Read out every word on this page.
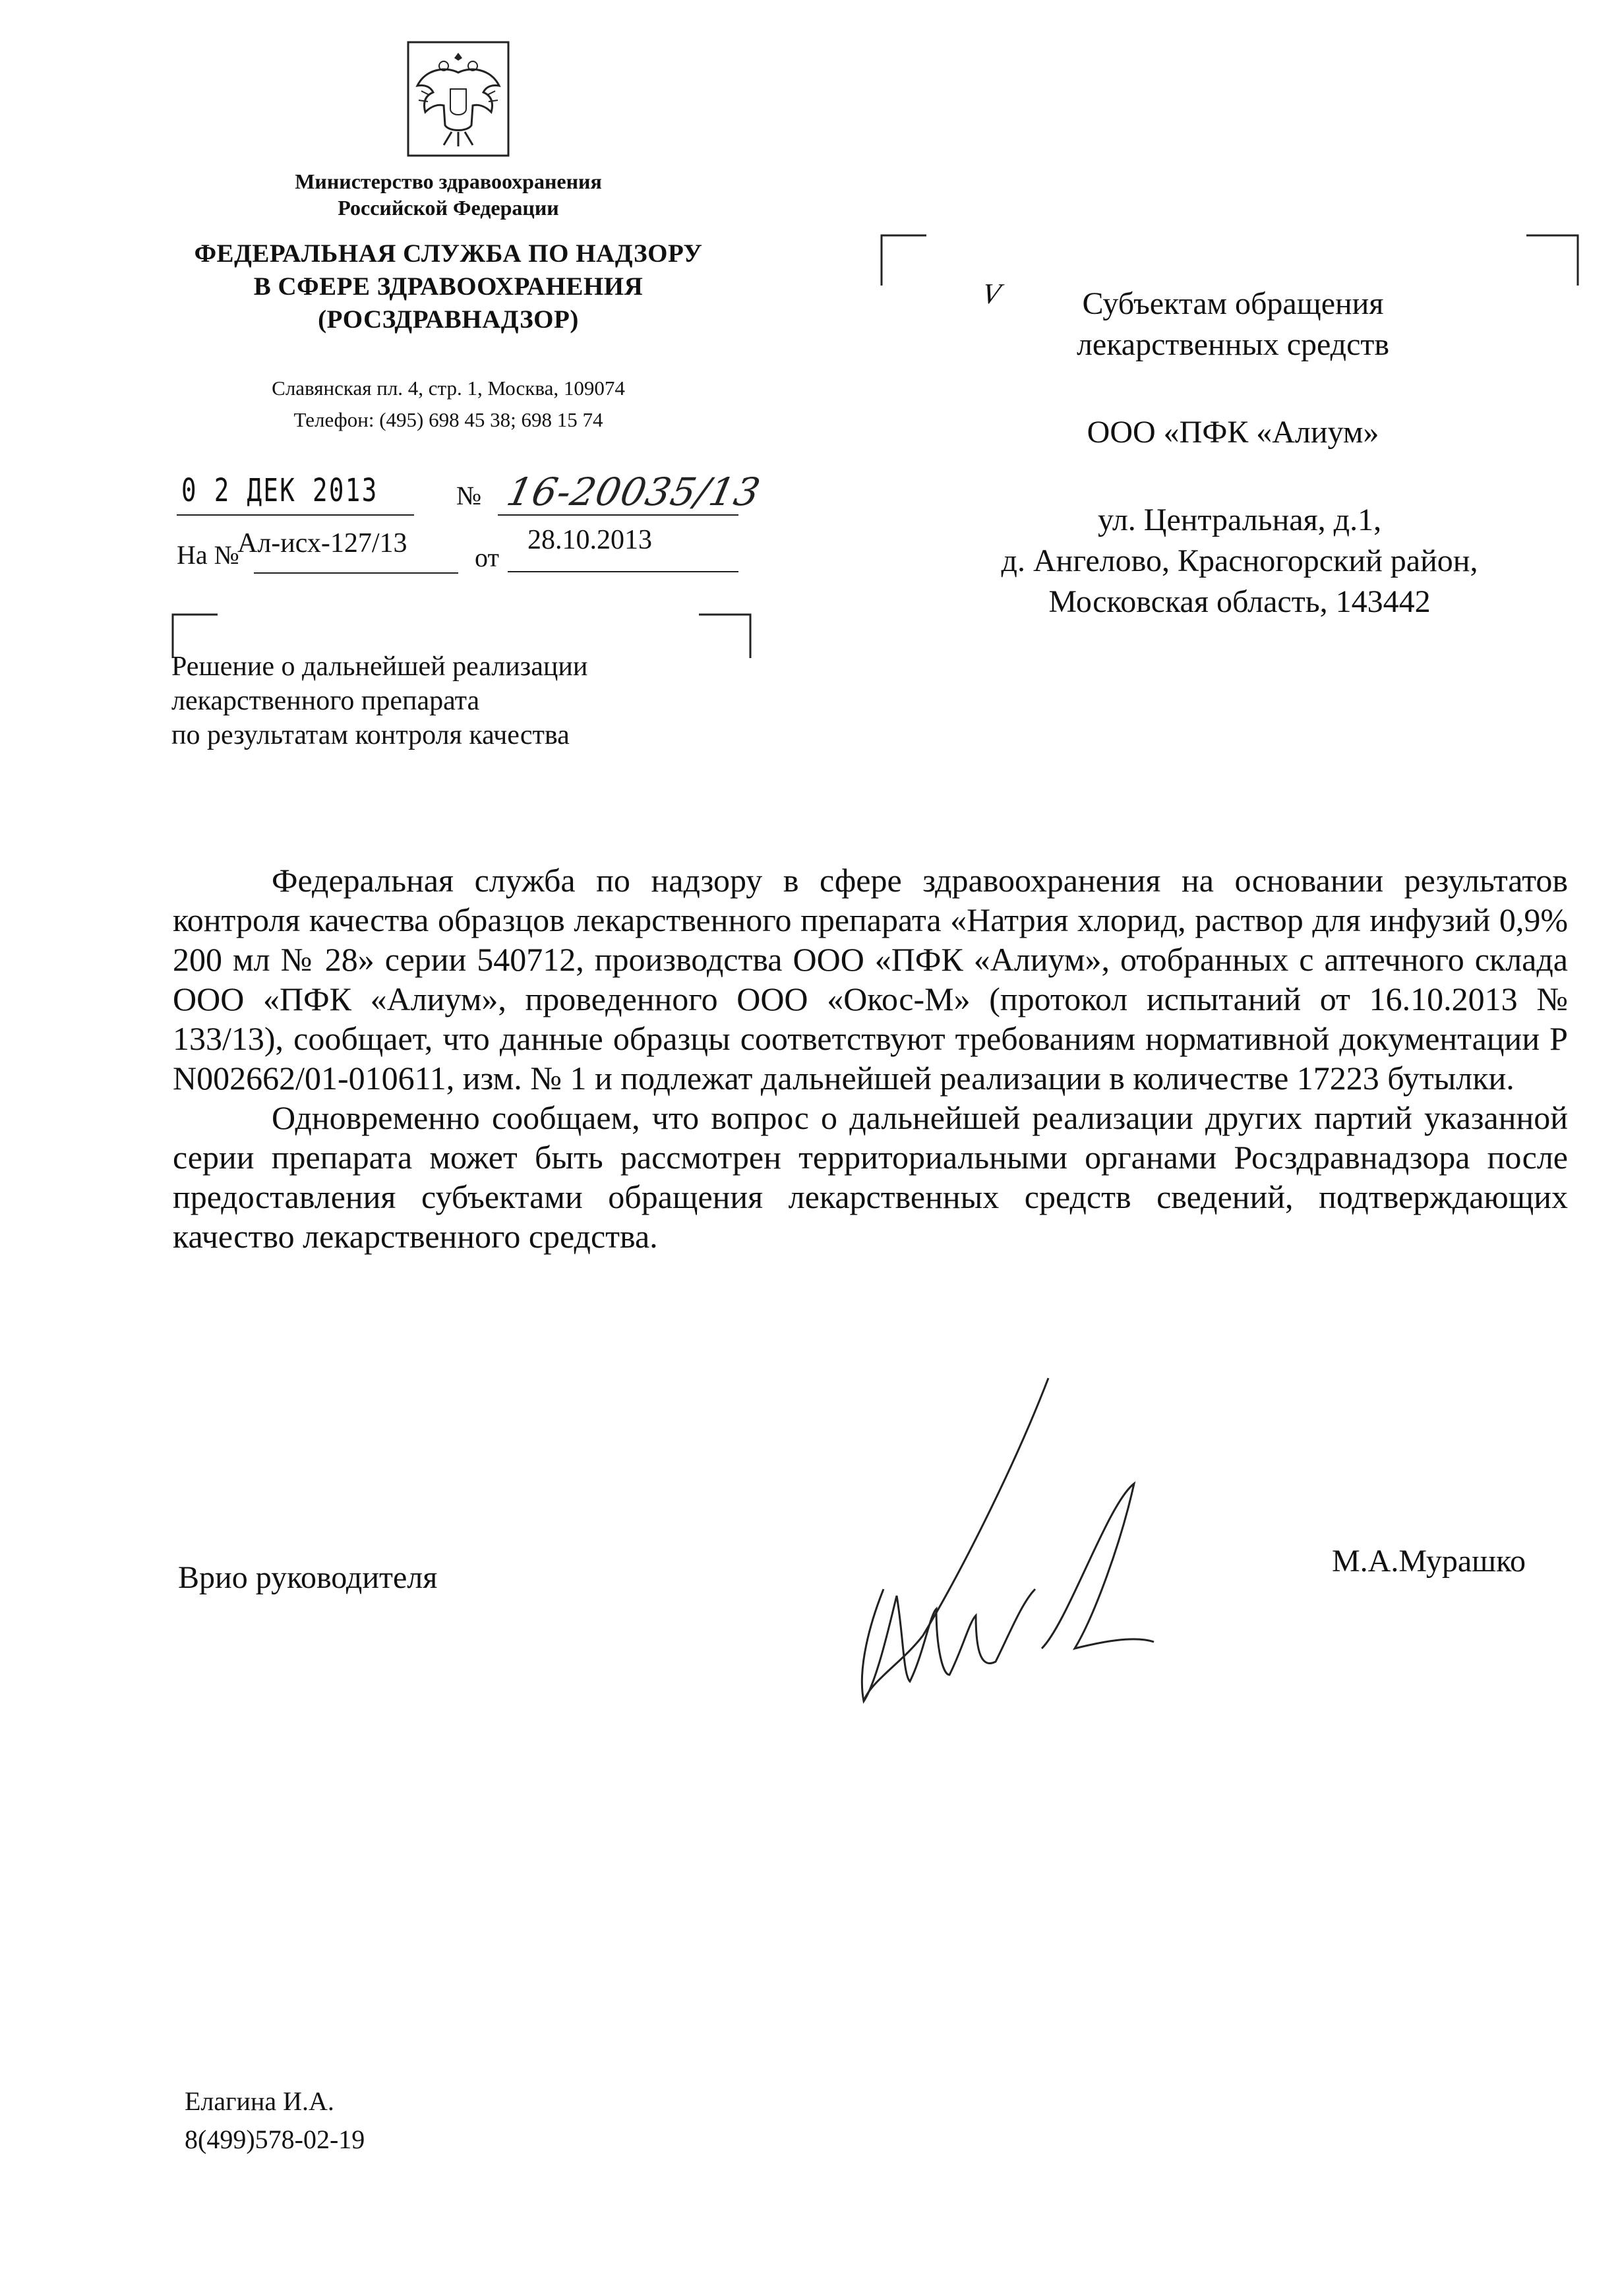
Министерство здравоохранения
Российской Федерации
ФЕДЕРАЛЬНАЯ СЛУЖБА ПО НАДЗОРУ
В СФЕРЕ ЗДРАВООХРАНЕНИЯ
(РОСЗДРАВНАДЗОР)
Славянская пл. 4, стр. 1, Москва, 109074
Телефон: (495) 698 45 38; 698 15 74
0 2 ДЕК 2013	№ 16-20035/13
На №
Ал-исх-127/13	от
28.10.2013
Решение о дальнейшей реализации
лекарственного препарата
по результатам контроля качества
V	Субъектам обращения
лекарственных средств
ООО «ПФК «Алиум»
ул. Центральная, д.1,
д. Ангелово, Красногорский район,
Московская область, 143442

Федеральная служба по надзору в сфере здравоохранения на основании результатов контроля качества образцов лекарственного препарата «Натрия хлорид, раствор для инфузий 0,9% 200 мл № 28» серии 540712, производства ООО «ПФК «Алиум», отобранных с аптечного склада ООО «ПФК «Алиум», проведенного ООО «Окос-М» (протокол испытаний от 16.10.2013 № 133/13), сообщает, что данные образцы соответствуют требованиям нормативной документации Р N002662/01-010611, изм. № 1 и подлежат дальнейшей реализации в количестве 17223 бутылки.

Одновременно сообщаем, что вопрос о дальнейшей реализации других партий указанной серии препарата может быть рассмотрен территориальными органами Росздравнадзора после предоставления субъектами обращения лекарственных средств сведений, подтверждающих качество лекарственного средства.

Врио руководителя	М.А.Мурашко
Елагина И.А.
8(499)578-02-19
